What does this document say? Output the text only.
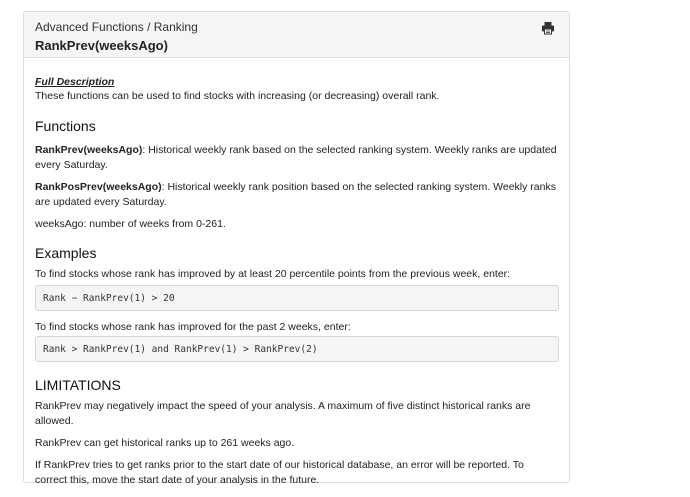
Advanced Functions / Ranking
RankPrev(weeksAgo)
Full Description

These functions can be used to find stocks with increasing (or decreasing) overall rank.

Functions

RankPrev(weeksAgo): Historical weekly rank based on the selected ranking system. Weekly ranks are updated every Saturday.

RankPosPrev(weeksAgo): Historical weekly rank position based on the selected ranking system. Weekly ranks are updated every Saturday.

weeksAgo: number of weeks from 0-261.

Examples

To find stocks whose rank has improved by at least 20 percentile points from the previous week, enter:

Rank − RankPrev(1) > 20

To find stocks whose rank has improved for the past 2 weeks, enter:

Rank > RankPrev(1) and RankPrev(1) > RankPrev(2)
LIMITATIONS

RankPrev may negatively impact the speed of your analysis. A maximum of five distinct historical ranks are allowed.

RankPrev can get historical ranks up to 261 weeks ago.

If RankPrev tries to get ranks prior to the start date of our historical database, an error will be reported. To correct this, move the start date of your analysis in the future.
